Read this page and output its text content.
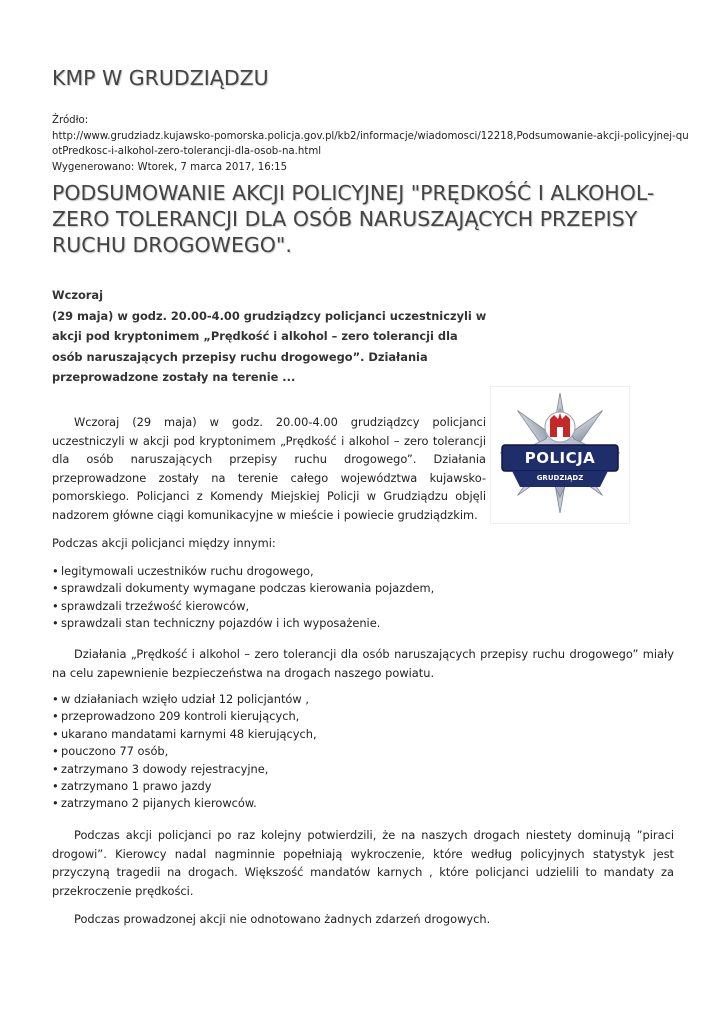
KMP W GRUDZIĄDZU
Źródło:
http://www.grudziadz.kujawsko-pomorska.policja.gov.pl/kb2/informacje/wiadomosci/12218,Podsumowanie-akcji-policyjnej-qu
otPredkosc-i-alkohol-zero-tolerancji-dla-osob-na.html
Wygenerowano: Wtorek, 7 marca 2017, 16:15
PODSUMOWANIE AKCJI POLICYJNEJ "PRĘDKOŚĆ I ALKOHOL- ZERO TOLERANCJI DLA OSÓB NARUSZAJĄCYCH PRZEPISY RUCHU DROGOWEGO".
Wczoraj
(29 maja) w godz. 20.00-4.00 grudziądzcy policjanci uczestniczyli w akcji pod kryptonimem „Prędkość i alkohol – zero tolerancji dla osób naruszających przepisy ruchu drogowego”. Działania przeprowadzone zostały na terenie ...
POLICJA
GRUDZIĄDZ
Wczoraj (29 maja) w godz. 20.00-4.00 grudziądzcy policjanci uczestniczyli w akcji pod kryptonimem „Prędkość i alkohol – zero tolerancji dla osób naruszających przepisy ruchu drogowego”. Działania przeprowadzone zostały na terenie całego województwa kujawsko-pomorskiego. Policjanci z Komendy Miejskiej Policji w Grudziądzu objęli nadzorem główne ciągi komunikacyjne w mieście i powiecie grudziądzkim.
Podczas akcji policjanci między innymi:
• legitymowali uczestników ruchu drogowego,
• sprawdzali dokumenty wymagane podczas kierowania pojazdem,
• sprawdzali trzeźwość kierowców,
• sprawdzali stan techniczny pojazdów i ich wyposażenie.
Działania „Prędkość i alkohol – zero tolerancji dla osób naruszających przepisy ruchu drogowego” miały na celu zapewnienie bezpieczeństwa na drogach naszego powiatu.
• w działaniach wzięło udział 12 policjantów ,
• przeprowadzono 209 kontroli kierujących,
• ukarano mandatami karnymi 48 kierujących,
• pouczono 77 osób,
• zatrzymano 3 dowody rejestracyjne,
• zatrzymano 1 prawo jazdy
• zatrzymano 2 pijanych kierowców.
Podczas akcji policjanci po raz kolejny potwierdzili, że na naszych drogach niestety dominują ”piraci drogowi”. Kierowcy nadal nagminnie popełniają wykroczenie, które według policyjnych statystyk jest przyczyną tragedii na drogach. Większość mandatów karnych , które policjanci udzielili to mandaty za przekroczenie prędkości.
Podczas prowadzonej akcji nie odnotowano żadnych zdarzeń drogowych.
